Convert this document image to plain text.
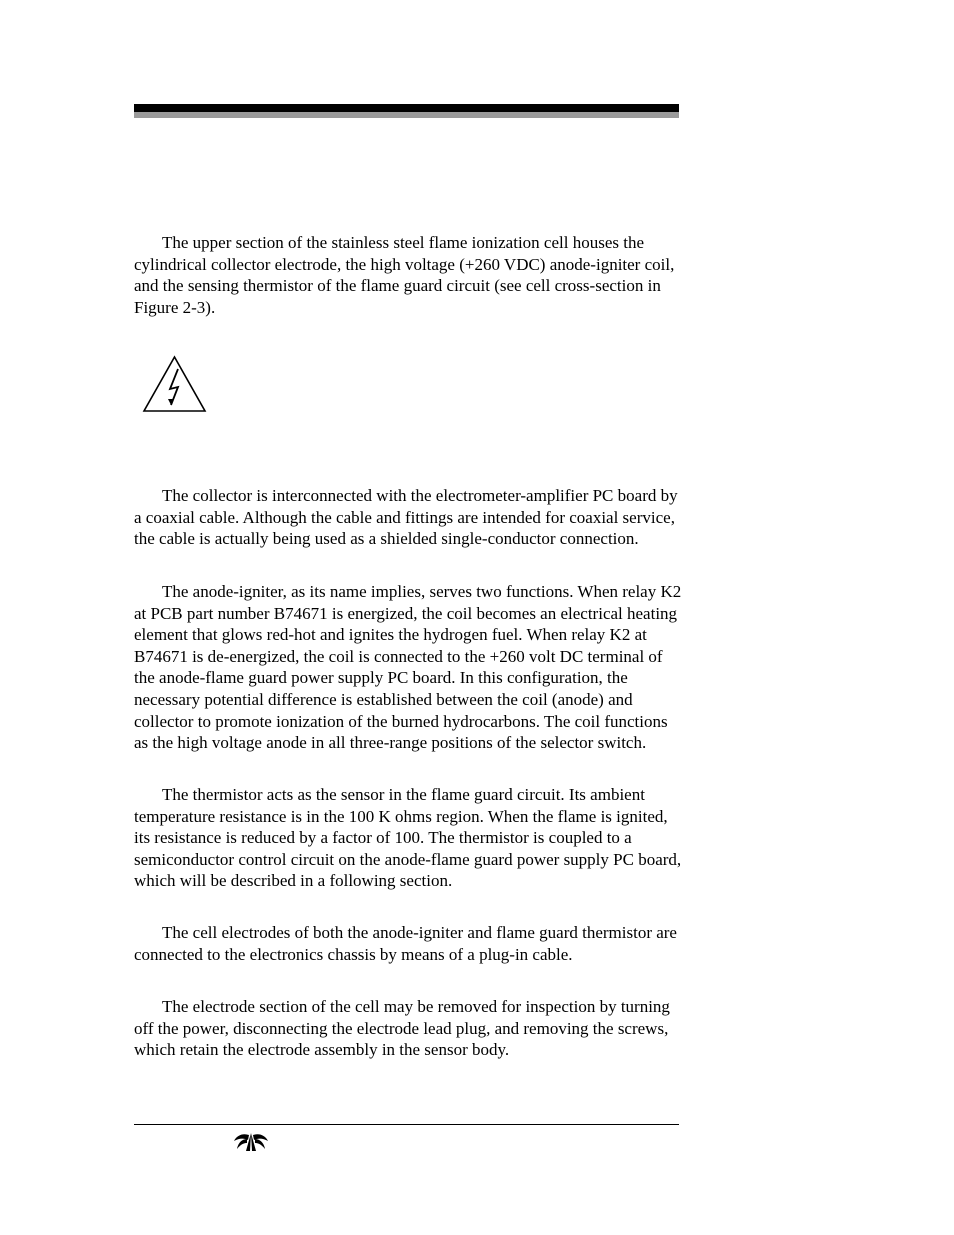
The upper section of the stainless steel flame ionization cell houses the cylindrical collector electrode, the high voltage (+260 VDC) anode-igniter coil, and the sensing thermistor of the flame guard circuit (see cell cross-section in Figure 2-3).

The collector is interconnected with the electrometer-amplifier PC board by a coaxial cable. Although the cable and fittings are intended for coaxial service, the cable is actually being used as a shielded single-conductor connection.

The anode-igniter, as its name implies, serves two functions. When relay K2 at PCB part number B74671 is energized, the coil becomes an electrical heating element that glows red-hot and ignites the hydrogen fuel. When relay K2 at B74671 is de-energized, the coil is connected to the +260 volt DC terminal of the anode-flame guard power supply PC board. In this configuration, the necessary potential difference is established between the coil (anode) and collector to promote ionization of the burned hydrocarbons. The coil functions as the high voltage anode in all three-range positions of the selector switch.

The thermistor acts as the sensor in the flame guard circuit. Its ambient temperature resistance is in the 100 K ohms region. When the flame is ignited, its resistance is reduced by a factor of 100. The thermistor is coupled to a semiconductor control circuit on the anode-flame guard power supply PC board, which will be described in a following section.

The cell electrodes of both the anode-igniter and flame guard thermistor are connected to the electronics chassis by means of a plug-in cable.

The electrode section of the cell may be removed for inspection by turning off the power, disconnecting the electrode lead plug, and removing the screws, which retain the electrode assembly in the sensor body.
